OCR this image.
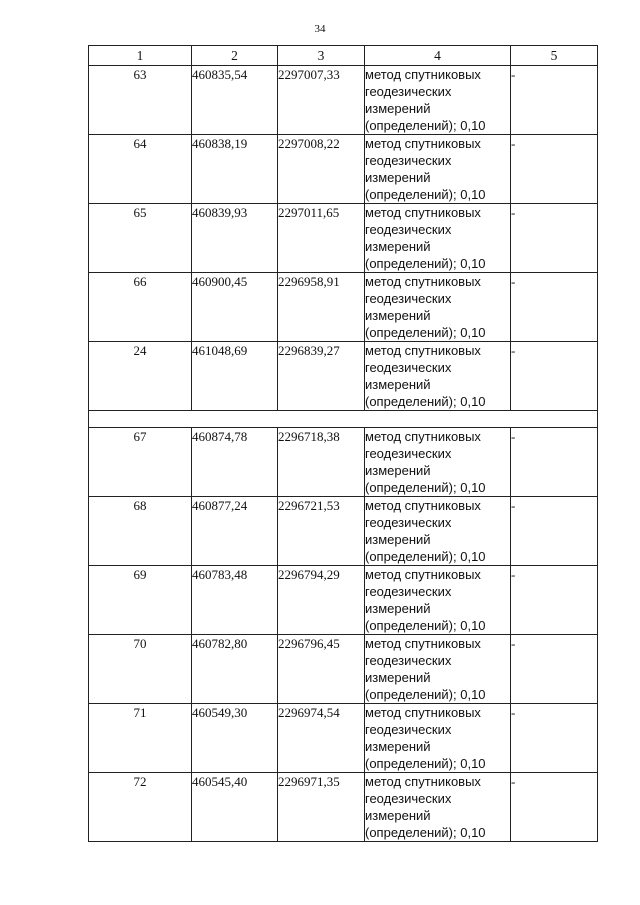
34
1	2	3	4	5
63	460835,54	2297007,33	метод спутниковых
геодезических
измерений
(определений); 0,10	-
64	460838,19	2297008,22	метод спутниковых
геодезических
измерений
(определений); 0,10	-
65	460839,93	2297011,65	метод спутниковых
геодезических
измерений
(определений); 0,10	-
66	460900,45	2296958,91	метод спутниковых
геодезических
измерений
(определений); 0,10	-
24	461048,69	2296839,27	метод спутниковых
геодезических
измерений
(определений); 0,10	-

67	460874,78	2296718,38	метод спутниковых
геодезических
измерений
(определений); 0,10	-
68	460877,24	2296721,53	метод спутниковых
геодезических
измерений
(определений); 0,10	-
69	460783,48	2296794,29	метод спутниковых
геодезических
измерений
(определений); 0,10	-
70	460782,80	2296796,45	метод спутниковых
геодезических
измерений
(определений); 0,10	-
71	460549,30	2296974,54	метод спутниковых
геодезических
измерений
(определений); 0,10	-
72	460545,40	2296971,35	метод спутниковых
геодезических
измерений
(определений); 0,10	-
